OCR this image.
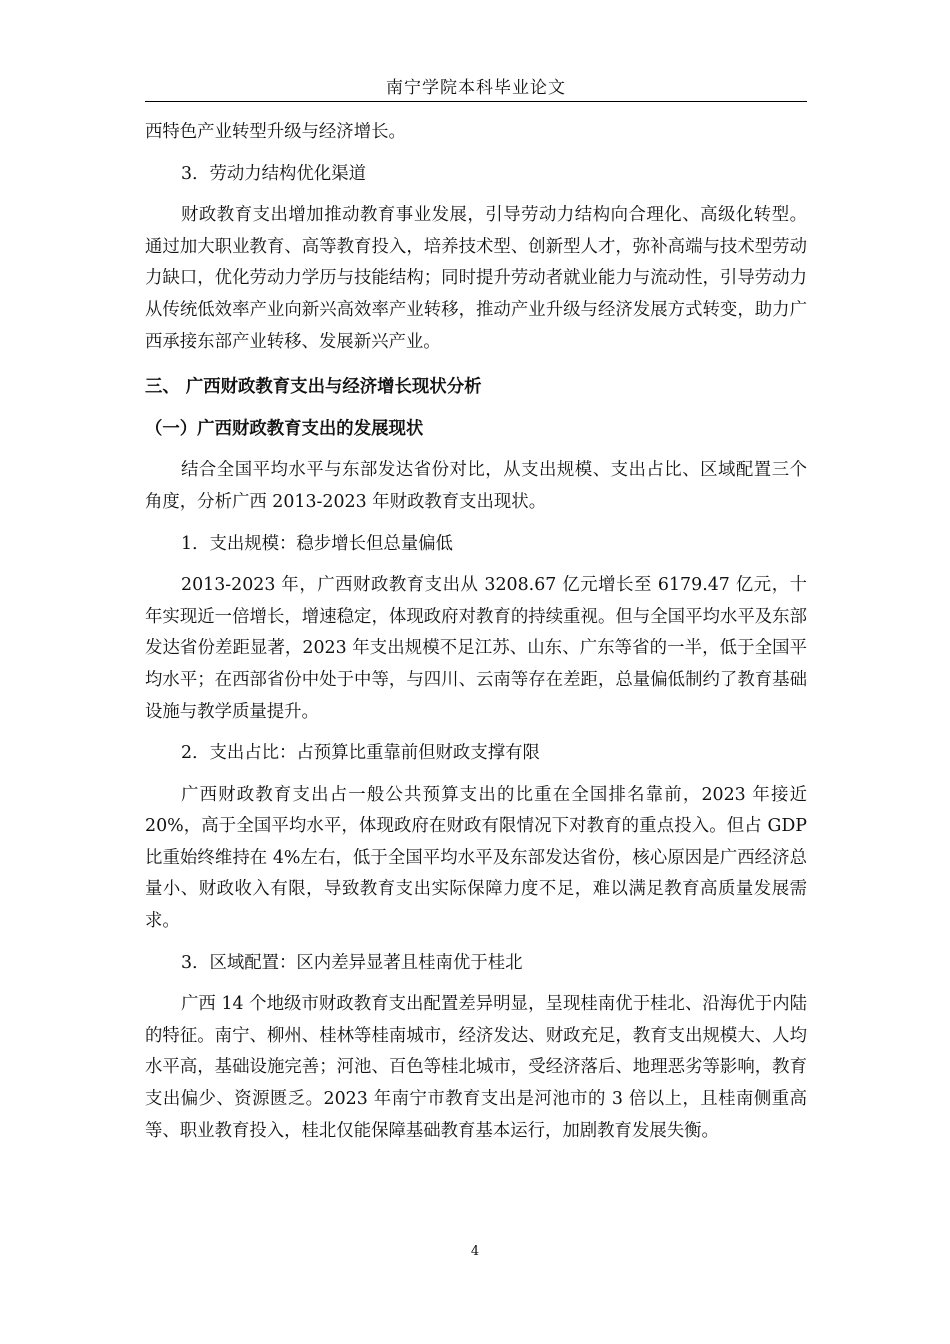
南宁学院本科毕业论文

西特色产业转型升级与经济增长。

3．劳动力结构优化渠道

财政教育支出增加推动教育事业发展，引导劳动力结构向合理化、高级化转型。通过加大职业教育、高等教育投入，培养技术型、创新型人才，弥补高端与技术型劳动力缺口，优化劳动力学历与技能结构；同时提升劳动者就业能力与流动性，引导劳动力从传统低效率产业向新兴高效率产业转移，推动产业升级与经济发展方式转变，助力广西承接东部产业转移、发展新兴产业。

三、 广西财政教育支出与经济增长现状分析
（一）广西财政教育支出的发展现状

结合全国平均水平与东部发达省份对比，从支出规模、支出占比、区域配置三个角度，分析广西 2013-2023 年财政教育支出现状。

1．支出规模：稳步增长但总量偏低

2013-2023 年，广西财政教育支出从 3208.67 亿元增长至 6179.47 亿元，十年实现近一倍增长，增速稳定，体现政府对教育的持续重视。但与全国平均水平及东部发达省份差距显著，2023 年支出规模不足江苏、山东、广东等省的一半，低于全国平均水平；在西部省份中处于中等，与四川、云南等存在差距，总量偏低制约了教育基础设施与教学质量提升。

2．支出占比：占预算比重靠前但财政支撑有限

广西财政教育支出占一般公共预算支出的比重在全国排名靠前，2023 年接近 20%，高于全国平均水平，体现政府在财政有限情况下对教育的重点投入。但占 GDP 比重始终维持在 4%左右，低于全国平均水平及东部发达省份，核心原因是广西经济总量小、财政收入有限，导致教育支出实际保障力度不足，难以满足教育高质量发展需求。

3．区域配置：区内差异显著且桂南优于桂北

广西 14 个地级市财政教育支出配置差异明显，呈现桂南优于桂北、沿海优于内陆的特征。南宁、柳州、桂林等桂南城市，经济发达、财政充足，教育支出规模大、人均水平高，基础设施完善；河池、百色等桂北城市，受经济落后、地理恶劣等影响，教育支出偏少、资源匮乏。2023 年南宁市教育支出是河池市的 3 倍以上，且桂南侧重高等、职业教育投入，桂北仅能保障基础教育基本运行，加剧教育发展失衡。

4
